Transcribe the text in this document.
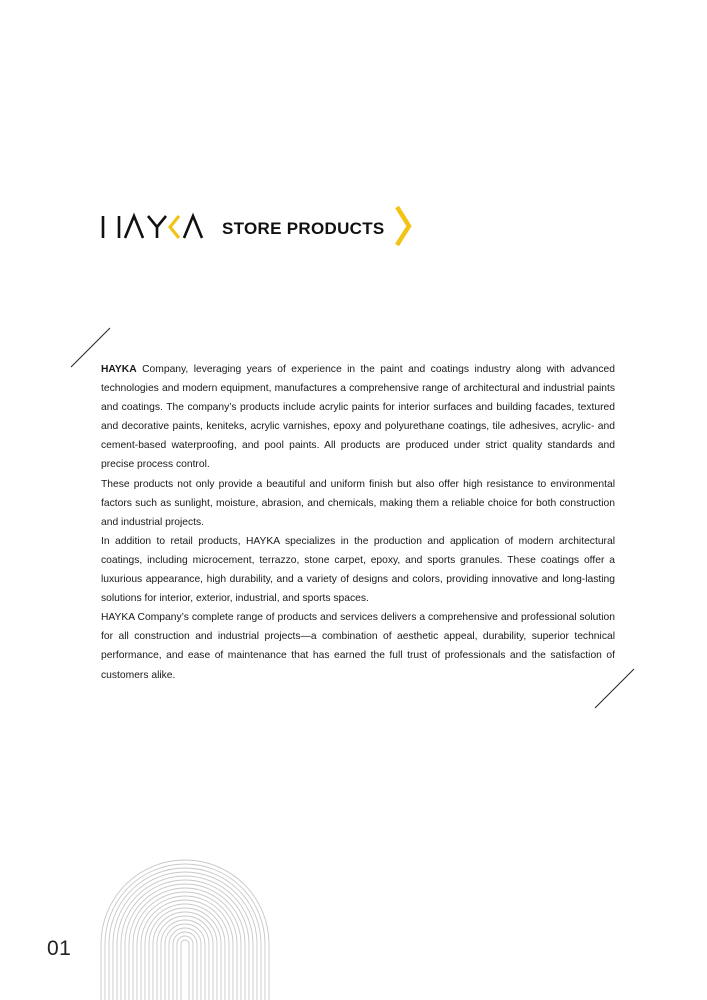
STORE PRODUCTS

HAYKA Company, leveraging years of experience in the paint and coatings industry along with advanced technologies and modern equipment, manufactures a comprehensive range of architectural and industrial paints and coatings. The company’s products include acrylic paints for interior surfaces and building facades, textured and decorative paints, keniteks, acrylic varnishes, epoxy and polyurethane coatings, tile adhesives, acrylic- and cement-based waterproofing, and pool paints. All products are produced under strict quality standards and precise process control.

These products not only provide a beautiful and uniform finish but also offer high resistance to environmental factors such as sunlight, moisture, abrasion, and chemicals, making them a reliable choice for both construction and industrial projects.

In addition to retail products, HAYKA specializes in the production and application of modern architectural coatings, including microcement, terrazzo, stone carpet, epoxy, and sports granules. These coatings offer a luxurious appearance, high durability, and a variety of designs and colors, providing innovative and long-lasting solutions for interior, exterior, industrial, and sports spaces.

HAYKA Company’s complete range of products and services delivers a comprehensive and professional solution for all construction and industrial projects—a combination of aesthetic appeal, durability, superior technical performance, and ease of maintenance that has earned the full trust of professionals and the satisfaction of customers alike.

01
